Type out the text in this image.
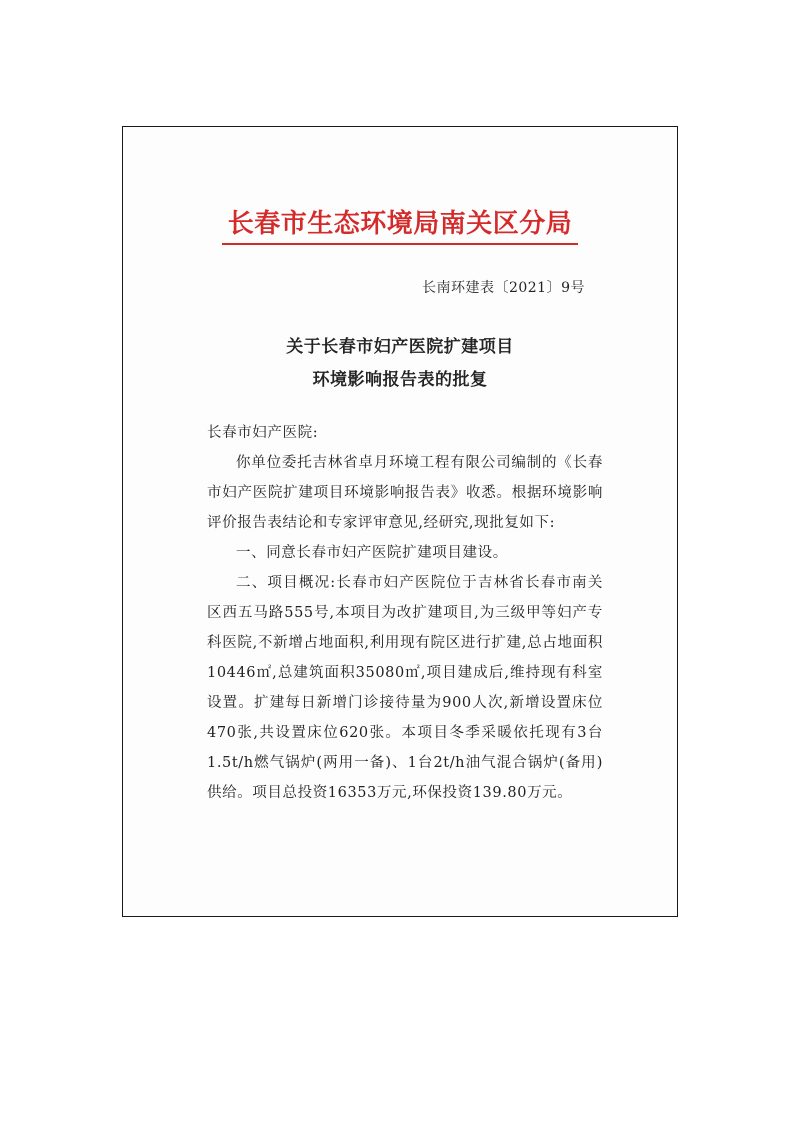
长春市生态环境局南关区分局
长南环建表〔2021〕9号
关于长春市妇产医院扩建项目
环境影响报告表的批复
长春市妇产医院:

你单位委托吉林省卓月环境工程有限公司编制的《长春市妇产医院扩建项目环境影响报告表》收悉。根据环境影响评价报告表结论和专家评审意见,经研究,现批复如下:

一、同意长春市妇产医院扩建项目建设。

二、项目概况:长春市妇产医院位于吉林省长春市南关区西五马路555号,本项目为改扩建项目,为三级甲等妇产专科医院,不新增占地面积,利用现有院区进行扩建,总占地面积10446㎡,总建筑面积35080㎡,项目建成后,维持现有科室设置。扩建每日新增门诊接待量为900人次,新增设置床位470张,共设置床位620张。本项目冬季采暖依托现有3台1.5t/h燃气锅炉(两用一备)、1台2t/h油气混合锅炉(备用)供给。项目总投资16353万元,环保投资139.80万元。
